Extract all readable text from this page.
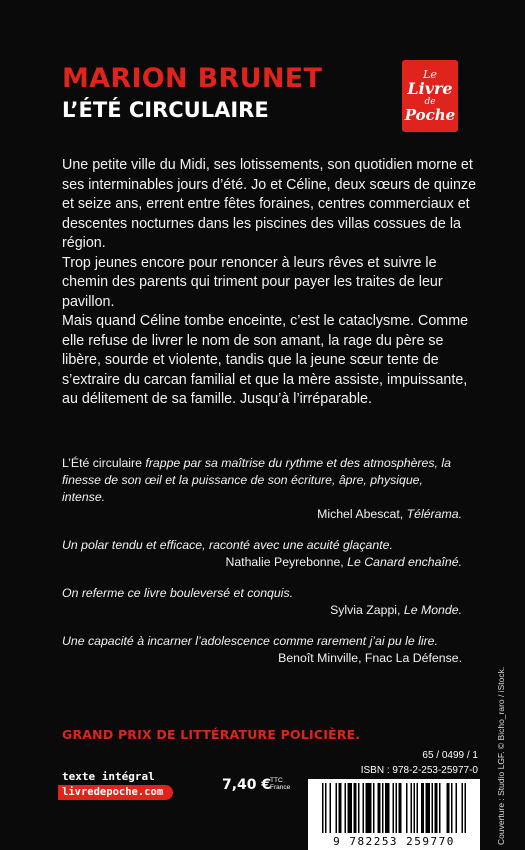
MARION BRUNET
L’ÉTÉ CIRCULAIRE
Le
Livre
de
Poche

Une petite ville du Midi, ses lotissements, son quotidien morne et ses interminables jours d’été. Jo et Céline, deux sœurs de quinze et seize ans, errent entre fêtes foraines, centres commerciaux et descentes nocturnes dans les piscines des villas cossues de la région.

Trop jeunes encore pour renoncer à leurs rêves et suivre le chemin des parents qui triment pour payer les traites de leur pavillon.

Mais quand Céline tombe enceinte, c’est le cataclysme. Comme elle refuse de livrer le nom de son amant, la rage du père se libère, sourde et violente, tandis que la jeune sœur tente de s’extraire du carcan familial et que la mère assiste, impuissante, au délitement de sa famille. Jusqu’à l’irréparable.

L’Été circulaire frappe par sa maîtrise du rythme et des atmosphères, la finesse de son œil et la puissance de son écriture, âpre, physique, intense.
Michel Abescat, Télérama.
Un polar tendu et efficace, raconté avec une acuité glaçante.
Nathalie Peyrebonne, Le Canard enchaîné.
On referme ce livre bouleversé et conquis.
Sylvia Zappi, Le Monde.
Une capacité à incarner l’adolescence comme rarement j’ai pu le lire.
Benoît Minville, Fnac La Défense.
GRAND PRIX DE LITTÉRATURE POLICIÈRE.
texte intégral
livredepoche.com	7,40 €
TTC
France
65 / 0499 / 1
ISBN : 978-2-253-25977-0 Couverture : Studio LGF. © Bicho_raro / iStock.
9 782253 259770
